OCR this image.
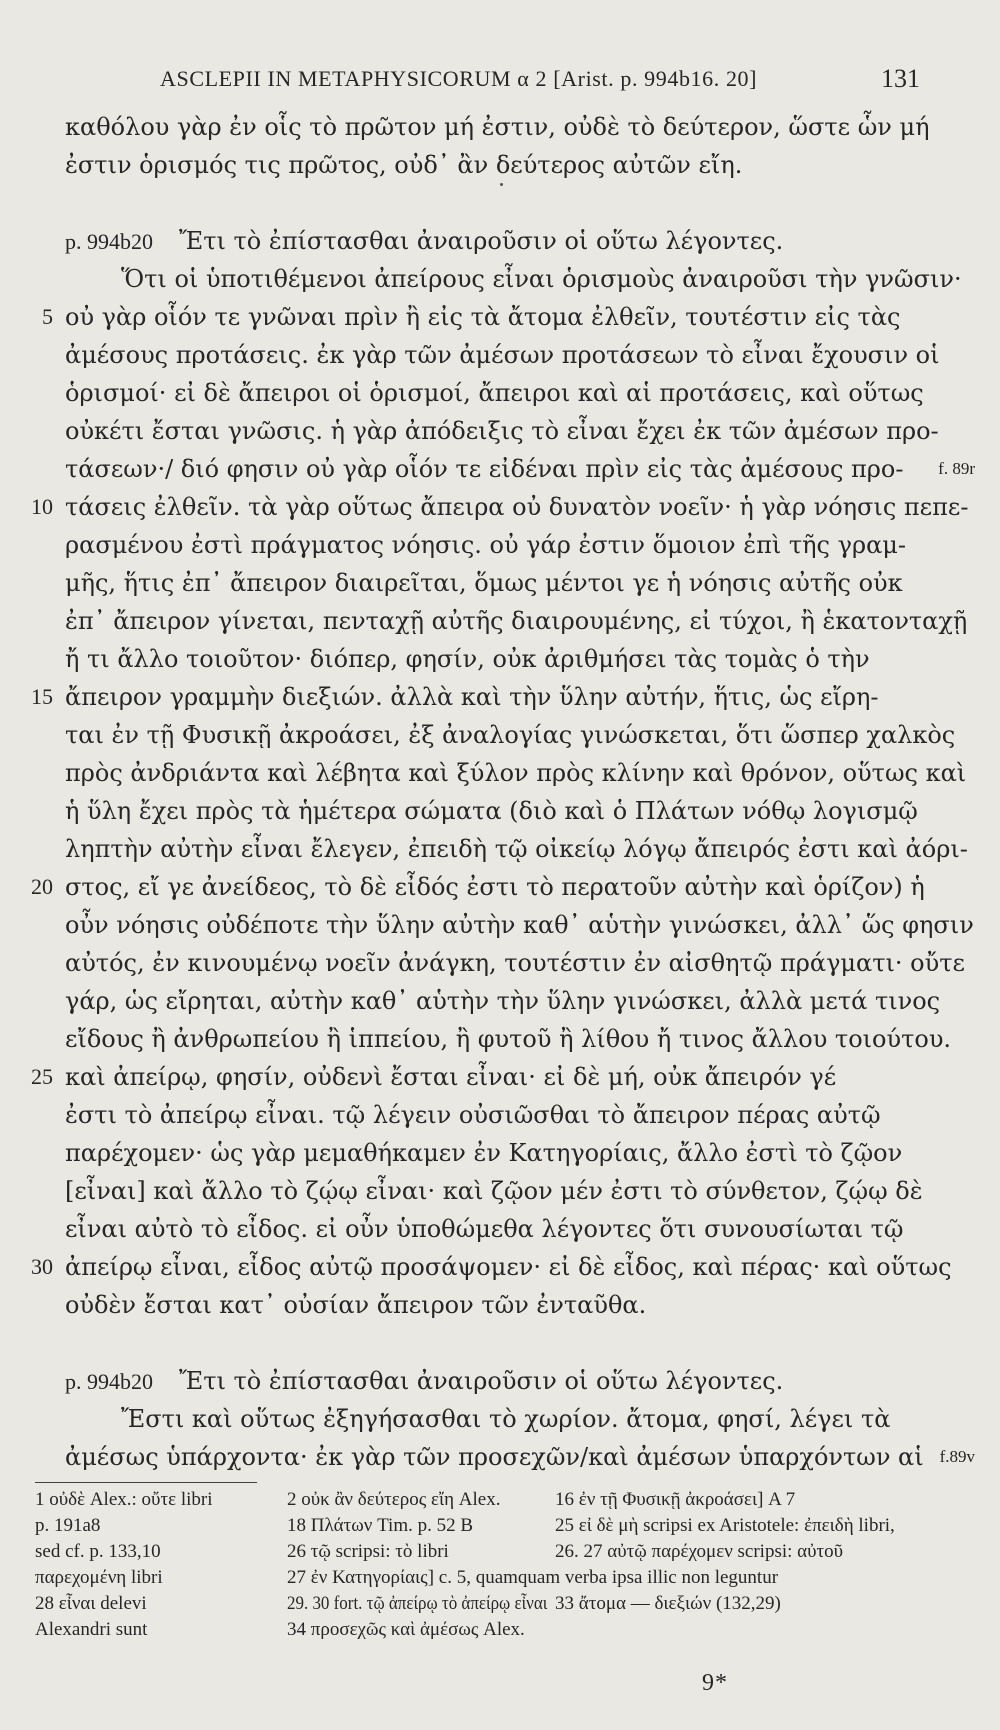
ASCLEPII IN METAPHYSICORUM α 2 [Arist. p. 994b16. 20]	131
καθόλου γὰρ ἐν οἷς τὸ πρῶτον μή ἐστιν, οὐδὲ τὸ δεύτερον, ὥστε ὧν μή
ἐστιν ὁρισμός τις πρῶτος, οὐδ᾽ ἂν δεύτερος αὐτῶν εἴη.
p. 994b20 Ἔτι τὸ ἐπίστασθαι ἀναιροῦσιν οἱ οὕτω λέγοντες.
Ὅτι οἱ ὑποτιθέμενοι ἀπείρους εἶναι ὁρισμοὺς ἀναιροῦσι τὴν γνῶσιν·
5 οὐ γὰρ οἷόν τε γνῶναι πρὶν ἢ εἰς τὰ ἄτομα ἐλθεῖν, τουτέστιν εἰς τὰς
ἀμέσους προτάσεις. ἐκ γὰρ τῶν ἀμέσων προτάσεων τὸ εἶναι ἔχουσιν οἱ
ὁρισμοί· εἰ δὲ ἄπειροι οἱ ὁρισμοί, ἄπειροι καὶ αἱ προτάσεις, καὶ οὕτως
οὐκέτι ἔσται γνῶσις. ἡ γὰρ ἀπόδειξις τὸ εἶναι ἔχει ἐκ τῶν ἀμέσων προ-
τάσεων·/ διό φησιν οὐ γὰρ οἷόν τε εἰδέναι πρὶν εἰς τὰς ἀμέσους προ- f. 89r
10 τάσεις ἐλθεῖν. τὰ γὰρ οὕτως ἄπειρα οὐ δυνατὸν νοεῖν· ἡ γὰρ νόησις πεπε-
ρασμένου ἐστὶ πράγματος νόησις. οὐ γάρ ἐστιν ὅμοιον ἐπὶ τῆς γραμ-
μῆς, ἥτις ἐπ᾽ ἄπειρον διαιρεῖται, ὅμως μέντοι γε ἡ νόησις αὐτῆς οὐκ
ἐπ᾽ ἄπειρον γίνεται, πενταχῇ αὐτῆς διαιρουμένης, εἰ τύχοι, ἢ ἑκατονταχῇ
ἤ τι ἄλλο τοιοῦτον· διόπερ, φησίν, οὐκ ἀριθμήσει τὰς τομὰς ὁ τὴν
15 ἄπειρον γραμμὴν διεξιών. ἀλλὰ καὶ τὴν ὕλην αὐτήν, ἥτις, ὡς εἴρη-
ται ἐν τῇ Φυσικῇ ἀκροάσει, ἐξ ἀναλογίας γινώσκεται, ὅτι ὥσπερ χαλκὸς
πρὸς ἀνδριάντα καὶ λέβητα καὶ ξύλον πρὸς κλίνην καὶ θρόνον, οὕτως καὶ
ἡ ὕλη ἔχει πρὸς τὰ ἡμέτερα σώματα (διὸ καὶ ὁ Πλάτων νόθῳ λογισμῷ
ληπτὴν αὐτὴν εἶναι ἔλεγεν, ἐπειδὴ τῷ οἰκείῳ λόγῳ ἄπειρός ἐστι καὶ ἀόρι-
20 στος, εἴ γε ἀνείδεος, τὸ δὲ εἶδός ἐστι τὸ περατοῦν αὐτὴν καὶ ὁρίζον) ἡ
οὖν νόησις οὐδέποτε τὴν ὕλην αὐτὴν καθ᾽ αὑτὴν γινώσκει, ἀλλ᾽ ὥς φησιν
αὐτός, ἐν κινουμένῳ νοεῖν ἀνάγκη, τουτέστιν ἐν αἰσθητῷ πράγματι· οὔτε
γάρ, ὡς εἴρηται, αὐτὴν καθ᾽ αὑτὴν τὴν ὕλην γινώσκει, ἀλλὰ μετά τινος
εἴδους ἢ ἀνθρωπείου ἢ ἱππείου, ἢ φυτοῦ ἢ λίθου ἤ τινος ἄλλου τοιούτου.
25 καὶ ἀπείρῳ, φησίν, οὐδενὶ ἔσται εἶναι· εἰ δὲ μή, οὐκ ἄπειρόν γέ
ἐστι τὸ ἀπείρῳ εἶναι. τῷ λέγειν οὐσιῶσθαι τὸ ἄπειρον πέρας αὐτῷ
παρέχομεν· ὡς γὰρ μεμαθήκαμεν ἐν Κατηγορίαις, ἄλλο ἐστὶ τὸ ζῷον
[εἶναι] καὶ ἄλλο τὸ ζῴῳ εἶναι· καὶ ζῷον μέν ἐστι τὸ σύνθετον, ζῴῳ δὲ
εἶναι αὐτὸ τὸ εἶδος. εἰ οὖν ὑποθώμεθα λέγοντες ὅτι συνουσίωται τῷ
30 ἀπείρῳ εἶναι, εἶδος αὐτῷ προσάψομεν· εἰ δὲ εἶδος, καὶ πέρας· καὶ οὕτως
οὐδὲν ἔσται κατ᾽ οὐσίαν ἄπειρον τῶν ἐνταῦθα.
p. 994b20 Ἔτι τὸ ἐπίστασθαι ἀναιροῦσιν οἱ οὕτω λέγοντες.
Ἔστι καὶ οὕτως ἐξηγήσασθαι τὸ χωρίον. ἄτομα, φησί, λέγει τὰ
ἀμέσως ὑπάρχοντα· ἐκ γὰρ τῶν προσεχῶν/καὶ ἀμέσων ὑπαρχόντων αἱ f.89v
1 οὐδὲ Alex.: οὔτε libri	2 οὐκ ἂν δεύτερος εἴη Alex.	16 ἐν τῇ Φυσικῇ ἀκροάσει] A 7
p. 191a8	18 Πλάτων Tim. p. 52 B	25 εἰ δὲ μὴ scripsi ex Aristotele: ἐπειδὴ libri,
sed cf. p. 133,10	26 τῷ scripsi: τὸ libri	26. 27 αὐτῷ παρέχομεν scripsi: αὐτοῦ
παρεχομένη libri	27 ἐν Κατηγορίαις] c. 5, quamquam verba ipsa illic non leguntur
28 εἶναι delevi	29. 30 fort. τῷ ἀπείρῳ τὸ ἀπείρῳ εἶναι 33 ἄτομα — διεξιών (132,29)
Alexandri sunt	34 προσεχῶς καὶ ἀμέσως Alex.
9*
